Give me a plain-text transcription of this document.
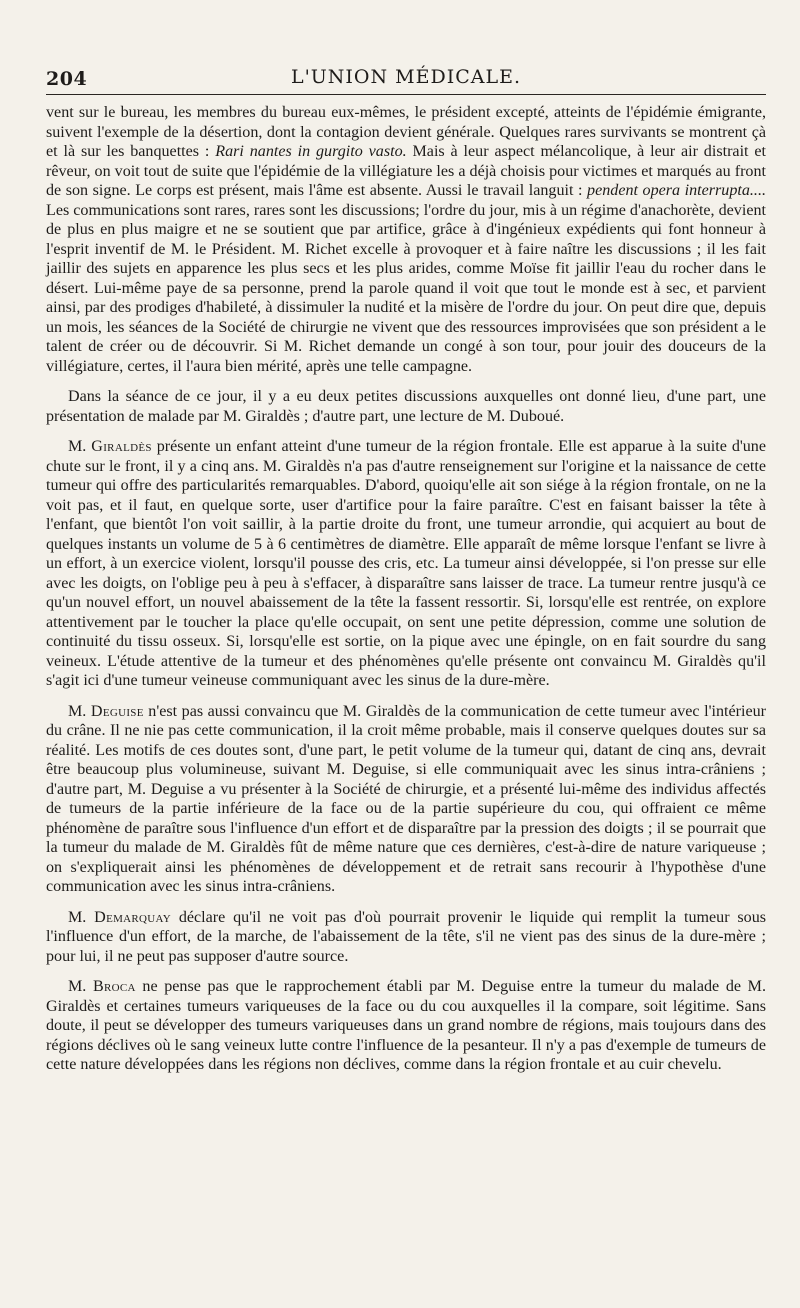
204	L'UNION MÉDICALE.

vent sur le bureau, les membres du bureau eux-mêmes, le président excepté, atteints de l'épidémie émigrante, suivent l'exemple de la désertion, dont la contagion devient générale. Quelques rares survivants se montrent çà et là sur les banquettes : Rari nantes in gurgito vasto. Mais à leur aspect mélancolique, à leur air distrait et rêveur, on voit tout de suite que l'épidémie de la villégiature les a déjà choisis pour victimes et marqués au front de son signe. Le corps est présent, mais l'âme est absente. Aussi le travail languit : pendent opera interrupta.... Les communications sont rares, rares sont les discussions; l'ordre du jour, mis à un régime d'anachorète, devient de plus en plus maigre et ne se soutient que par artifice, grâce à d'ingénieux expédients qui font honneur à l'esprit inventif de M. le Président. M. Richet excelle à provoquer et à faire naître les discussions ; il les fait jaillir des sujets en apparence les plus secs et les plus arides, comme Moïse fit jaillir l'eau du rocher dans le désert. Lui-même paye de sa personne, prend la parole quand il voit que tout le monde est à sec, et parvient ainsi, par des prodiges d'habileté, à dissimuler la nudité et la misère de l'ordre du jour. On peut dire que, depuis un mois, les séances de la Société de chirurgie ne vivent que des ressources improvisées que son président a le talent de créer ou de découvrir. Si M. Richet demande un congé à son tour, pour jouir des douceurs de la villégiature, certes, il l'aura bien mérité, après une telle campagne.

Dans la séance de ce jour, il y a eu deux petites discussions auxquelles ont donné lieu, d'une part, une présentation de malade par M. Giraldès ; d'autre part, une lecture de M. Duboué.

M. Giraldès présente un enfant atteint d'une tumeur de la région frontale. Elle est apparue à la suite d'une chute sur le front, il y a cinq ans. M. Giraldès n'a pas d'autre renseignement sur l'origine et la naissance de cette tumeur qui offre des particularités remarquables. D'abord, quoiqu'elle ait son siége à la région frontale, on ne la voit pas, et il faut, en quelque sorte, user d'artifice pour la faire paraître. C'est en faisant baisser la tête à l'enfant, que bientôt l'on voit saillir, à la partie droite du front, une tumeur arrondie, qui acquiert au bout de quelques instants un volume de 5 à 6 centimètres de diamètre. Elle apparaît de même lorsque l'enfant se livre à un effort, à un exercice violent, lorsqu'il pousse des cris, etc. La tumeur ainsi développée, si l'on presse sur elle avec les doigts, on l'oblige peu à peu à s'effacer, à disparaître sans laisser de trace. La tumeur rentre jusqu'à ce qu'un nouvel effort, un nouvel abaissement de la tête la fassent ressortir. Si, lorsqu'elle est rentrée, on explore attentivement par le toucher la place qu'elle occupait, on sent une petite dépression, comme une solution de continuité du tissu osseux. Si, lorsqu'elle est sortie, on la pique avec une épingle, on en fait sourdre du sang veineux. L'étude attentive de la tumeur et des phénomènes qu'elle présente ont convaincu M. Giraldès qu'il s'agit ici d'une tumeur veineuse communiquant avec les sinus de la dure-mère.

M. Deguise n'est pas aussi convaincu que M. Giraldès de la communication de cette tumeur avec l'intérieur du crâne. Il ne nie pas cette communication, il la croit même probable, mais il conserve quelques doutes sur sa réalité. Les motifs de ces doutes sont, d'une part, le petit volume de la tumeur qui, datant de cinq ans, devrait être beaucoup plus volumineuse, suivant M. Deguise, si elle communiquait avec les sinus intra-crâniens ; d'autre part, M. Deguise a vu présenter à la Société de chirurgie, et a présenté lui-même des individus affectés de tumeurs de la partie inférieure de la face ou de la partie supérieure du cou, qui offraient ce même phénomène de paraître sous l'influence d'un effort et de disparaître par la pression des doigts ; il se pourrait que la tumeur du malade de M. Giraldès fût de même nature que ces dernières, c'est-à-dire de nature variqueuse ; on s'expliquerait ainsi les phénomènes de développement et de retrait sans recourir à l'hypothèse d'une communication avec les sinus intra-crâniens.

M. Demarquay déclare qu'il ne voit pas d'où pourrait provenir le liquide qui remplit la tumeur sous l'influence d'un effort, de la marche, de l'abaissement de la tête, s'il ne vient pas des sinus de la dure-mère ; pour lui, il ne peut pas supposer d'autre source.

M. Broca ne pense pas que le rapprochement établi par M. Deguise entre la tumeur du malade de M. Giraldès et certaines tumeurs variqueuses de la face ou du cou auxquelles il la compare, soit légitime. Sans doute, il peut se développer des tumeurs variqueuses dans un grand nombre de régions, mais toujours dans des régions déclives où le sang veineux lutte contre l'influence de la pesanteur. Il n'y a pas d'exemple de tumeurs de cette nature développées dans les régions non déclives, comme dans la région frontale et au cuir chevelu.
